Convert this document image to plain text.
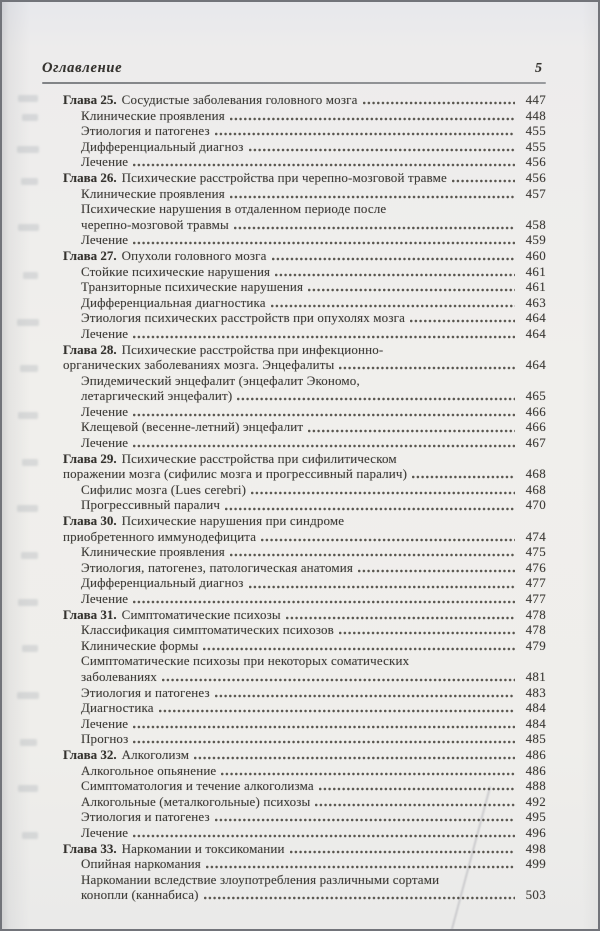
Оглавление	5
Глава 25. Сосудистые заболевания головного мозга	447
Клинические проявления	448
Этиология и патогенез	455
Дифференциальный диагноз	455
Лечение	456
Глава 26. Психические расстройства при черепно-мозговой травме	456
Клинические проявления	457
Психические нарушения в отдаленном периоде после
черепно-мозговой травмы	458
Лечение	459
Глава 27. Опухоли головного мозга	460
Стойкие психические нарушения	461
Транзиторные психические нарушения	461
Дифференциальная диагностика	463
Этиология психических расстройств при опухолях мозга	464
Лечение	464
Глава 28. Психические расстройства при инфекционно-
органических заболеваниях мозга. Энцефалиты	464
Эпидемический энцефалит (энцефалит Экономо,
летаргический энцефалит)	465
Лечение	466
Клещевой (весенне-летний) энцефалит	466
Лечение	467
Глава 29. Психические расстройства при сифилитическом
поражении мозга (сифилис мозга и прогрессивный паралич)	468
Сифилис мозга (Lues cerebri)	468
Прогрессивный паралич	470
Глава 30. Психические нарушения при синдроме
приобретенного иммунодефицита	474
Клинические проявления	475
Этиология, патогенез, патологическая анатомия	476
Дифференциальный диагноз	477
Лечение	477
Глава 31. Симптоматические психозы	478
Классификация симптоматических психозов	478
Клинические формы	479
Симптоматические психозы при некоторых соматических
заболеваниях	481
Этиология и патогенез	483
Диагностика	484
Лечение	484
Прогноз	485
Глава 32. Алкоголизм	486
Алкогольное опьянение	486
Симптоматология и течение алкоголизма	488
Алкогольные (металкогольные) психозы	492
Этиология и патогенез	495
Лечение	496
Глава 33. Наркомании и токсикомании	498
Опийная наркомания	499
Наркомании вследствие злоупотребления различными сортами
конопли (каннабиса)	503
